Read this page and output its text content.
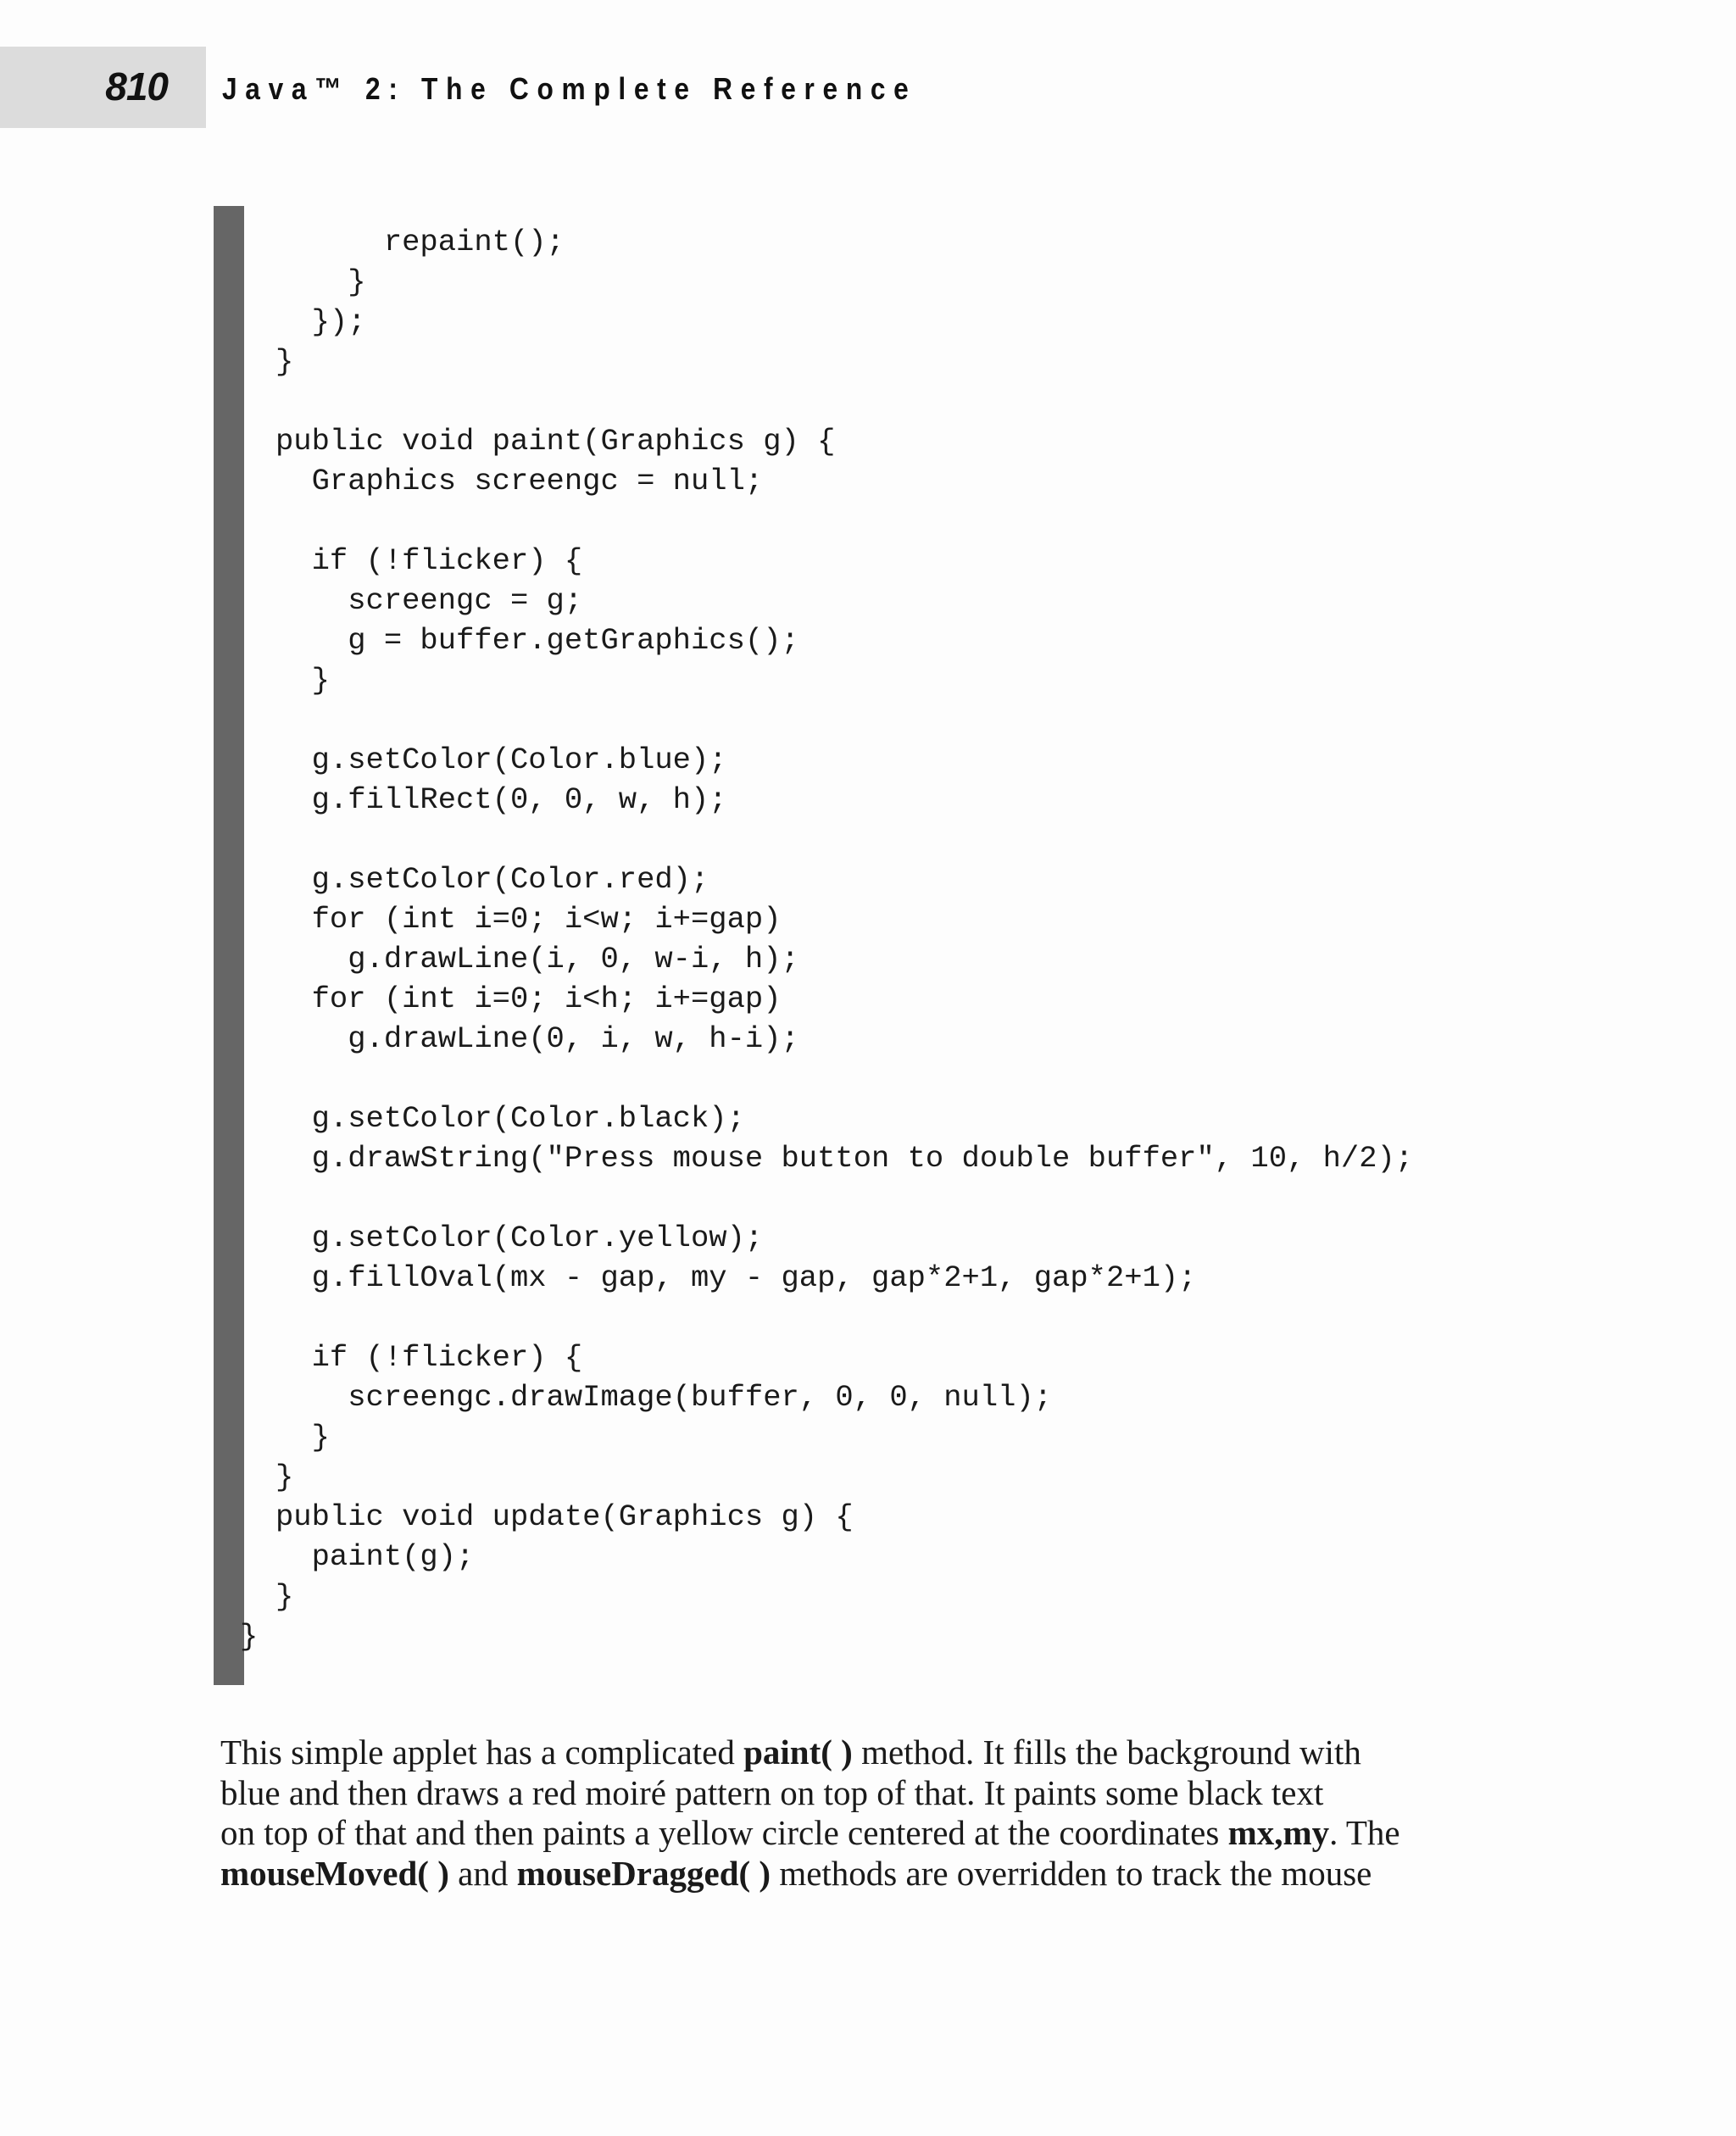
810 Java™ 2: The Complete Reference
repaint();
}
});
}
public void paint(Graphics g) {
Graphics screengc = null;
if (!flicker) {
screengc = g;
g = buffer.getGraphics();
}
g.setColor(Color.blue);
g.fillRect(0, 0, w, h);
g.setColor(Color.red);
for (int i=0; i<w; i+=gap)
g.drawLine(i, 0, w-i, h);
for (int i=0; i<h; i+=gap)
g.drawLine(0, i, w, h-i);
g.setColor(Color.black);
g.drawString("Press mouse button to double buffer", 10, h/2);
g.setColor(Color.yellow);
g.fillOval(mx - gap, my - gap, gap*2+1, gap*2+1);
if (!flicker) {
screengc.drawImage(buffer, 0, 0, null);
}
}
public void update(Graphics g) {
paint(g);
}
}
This simple applet has a complicated paint( ) method. It fills the background with
blue and then draws a red moiré pattern on top of that. It paints some black text
on top of that and then paints a yellow circle centered at the coordinates mx,my. The
mouseMoved( ) and mouseDragged( ) methods are overridden to track the mouse
